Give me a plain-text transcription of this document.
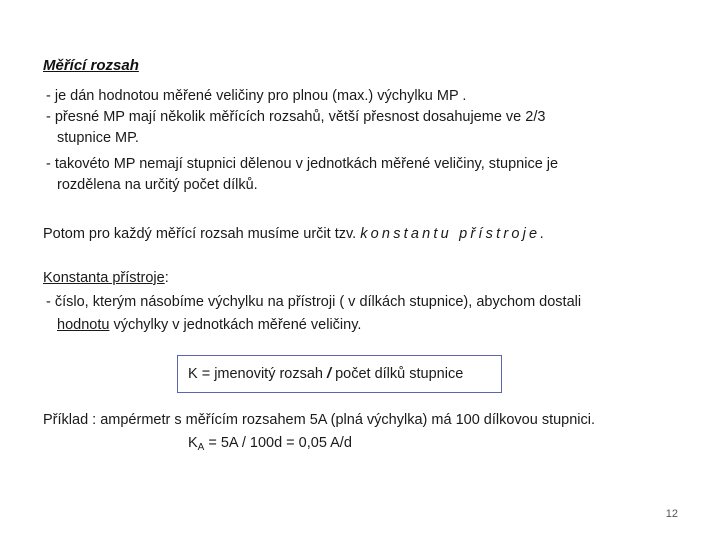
Měřící rozsah
- je dán hodnotou měřené veličiny pro plnou (max.) výchylku MP .
- přesné MP mají několik měřících rozsahů, větší přesnost dosahujeme ve 2/3
stupnice MP.
- takovéto MP nemají stupnici dělenou v jednotkách měřené veličiny, stupnice je
rozdělena na určitý počet dílků.
Potom pro každý měřící rozsah musíme určit tzv. konstantu přístroje.
Konstanta přístroje:
- číslo, kterým násobíme výchylku na přístroji ( v dílkách stupnice), abychom dostali
hodnotu výchylky v jednotkách měřené veličiny.
K = jmenovitý rozsah / počet dílků stupnice
Příklad : ampérmetr s měřícím rozsahem 5A (plná výchylka) má 100 dílkovou stupnici.
$K_A = 5A / 100d = 0,05$ A/d
12
